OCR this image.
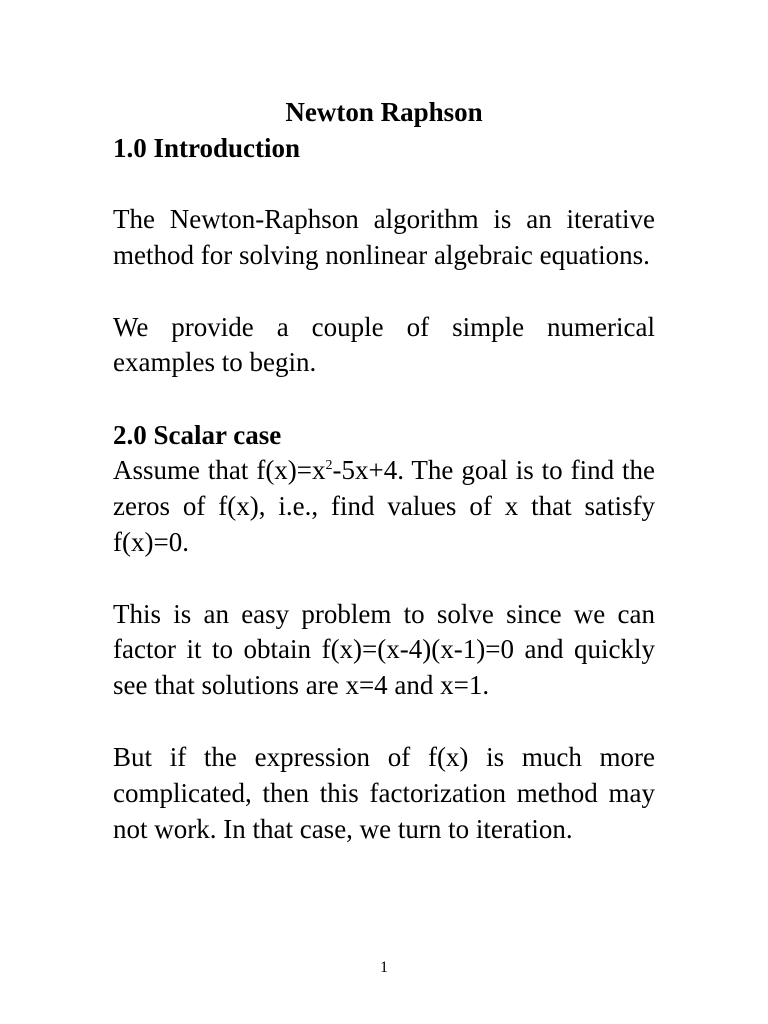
Newton Raphson

1.0 Introduction

The Newton-Raphson algorithm is an iterative method for solving nonlinear algebraic equations.

We provide a couple of simple numerical examples to begin.

2.0 Scalar case

Assume that $f(x)=x^2-5x+4$. The goal is to find the zeros of f(x), i.e., find values of x that satisfy f(x)=0.

This is an easy problem to solve since we can factor it to obtain f(x)=(x-4)(x-1)=0 and quickly see that solutions are x=4 and x=1.

But if the expression of f(x) is much more complicated, then this factorization method may not work. In that case, we turn to iteration.

1
